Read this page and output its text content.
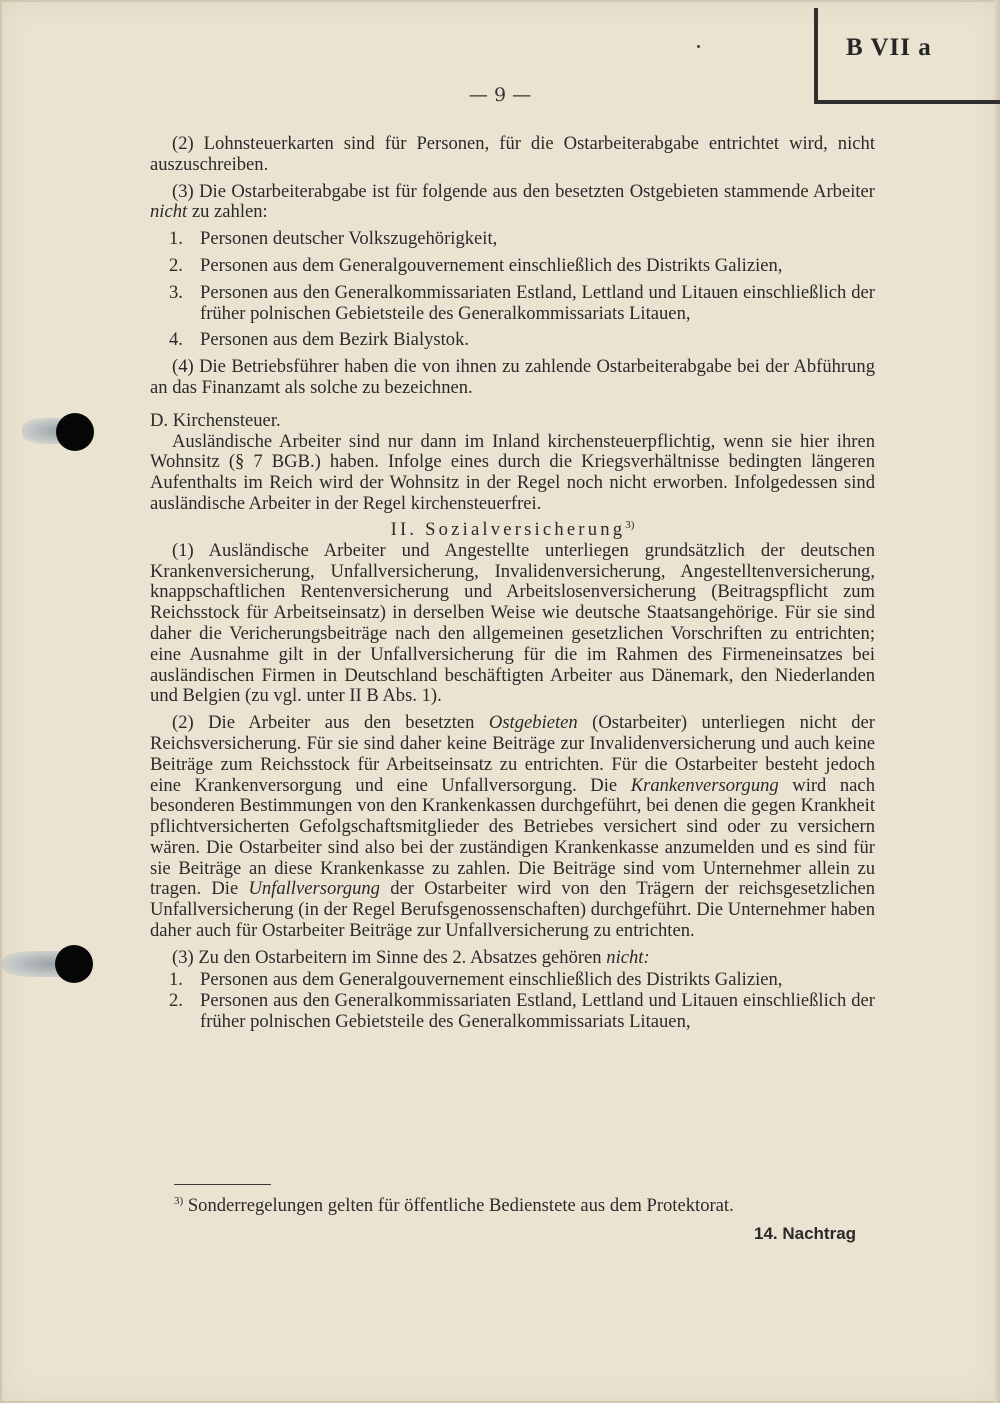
B VII a
— 9 —

(2) Lohnsteuerkarten sind für Personen, für die Ostarbeiterabgabe entrichtet wird, nicht auszuschreiben.

(3) Die Ostarbeiterabgabe ist für folgende aus den besetzten Ostgebieten stammende Arbeiter nicht zu zahlen:

1. Personen deutscher Volkszugehörigkeit,
2. Personen aus dem Generalgouvernement einschließlich des Distrikts Galizien,
3. Personen aus den Generalkommissariaten Estland, Lettland und Litauen einschließlich der früher polnischen Gebietsteile des Generalkommissariats Litauen,
4. Personen aus dem Bezirk Bialystok.

(4) Die Betriebsführer haben die von ihnen zu zahlende Ostarbeiterabgabe bei der Abführung an das Finanzamt als solche zu bezeichnen.

D. Kirchensteuer.

Ausländische Arbeiter sind nur dann im Inland kirchensteuerpflichtig, wenn sie hier ihren Wohnsitz (§ 7 BGB.) haben. Infolge eines durch die Kriegsverhältnisse bedingten längeren Aufenthalts im Reich wird der Wohnsitz in der Regel noch nicht erworben. Infolgedessen sind ausländische Arbeiter in der Regel kirchensteuerfrei.

II. Sozialversicherung$^{3)}$

(1) Ausländische Arbeiter und Angestellte unterliegen grundsätzlich der deutschen Krankenversicherung, Unfallversicherung, Invalidenversicherung, Angestelltenversicherung, knappschaftlichen Rentenversicherung und Arbeitslosenversicherung (Beitragspflicht zum Reichsstock für Arbeitseinsatz) in derselben Weise wie deutsche Staatsangehörige. Für sie sind daher die Vericherungsbeiträge nach den allgemeinen gesetzlichen Vorschriften zu entrichten; eine Ausnahme gilt in der Unfallversicherung für die im Rahmen des Firmeneinsatzes bei ausländischen Firmen in Deutschland beschäftigten Arbeiter aus Dänemark, den Niederlanden und Belgien (zu vgl. unter II B Abs. 1).

(2) Die Arbeiter aus den besetzten Ostgebieten (Ostarbeiter) unterliegen nicht der Reichsversicherung. Für sie sind daher keine Beiträge zur Invalidenversicherung und auch keine Beiträge zum Reichsstock für Arbeitseinsatz zu entrichten. Für die Ostarbeiter besteht jedoch eine Krankenversorgung und eine Unfallversorgung. Die Krankenversorgung wird nach besonderen Bestimmungen von den Krankenkassen durchgeführt, bei denen die gegen Krankheit pflichtversicherten Gefolgschaftsmitglieder des Betriebes versichert sind oder zu versichern wären. Die Ostarbeiter sind also bei der zuständigen Krankenkasse anzumelden und es sind für sie Beiträge an diese Krankenkasse zu zahlen. Die Beiträge sind vom Unternehmer allein zu tragen. Die Unfallversorgung der Ostarbeiter wird von den Trägern der reichsgesetzlichen Unfallversicherung (in der Regel Berufsgenossenschaften) durchgeführt. Die Unternehmer haben daher auch für Ostarbeiter Beiträge zur Unfallversicherung zu entrichten.

(3) Zu den Ostarbeitern im Sinne des 2. Absatzes gehören nicht:

1. Personen aus dem Generalgouvernement einschließlich des Distrikts Galizien,
2. Personen aus den Generalkommissariaten Estland, Lettland und Litauen einschließlich der früher polnischen Gebietsteile des Generalkommissariats Litauen,
$^{3)}$ Sonderregelungen gelten für öffentliche Bedienstete aus dem Protektorat.
14. Nachtrag
